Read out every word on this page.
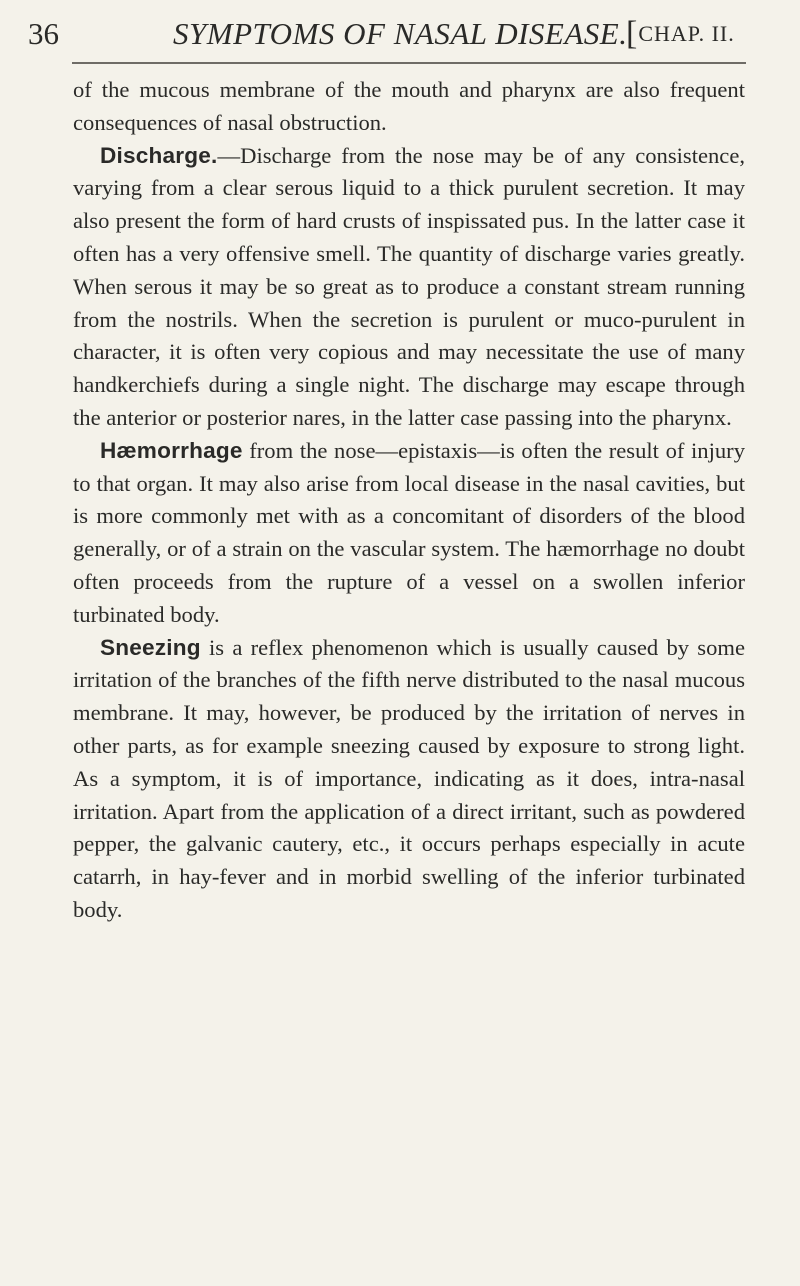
36	SYMPTOMS OF NASAL DISEASE.
[CHAP. II.

of the mucous membrane of the mouth and pharynx are also frequent consequences of nasal obstruction.

Discharge.—Discharge from the nose may be of any consistence, varying from a clear serous liquid to a thick purulent secretion. It may also present the form of hard crusts of inspissated pus. In the latter case it often has a very offensive smell. The quantity of discharge varies greatly. When serous it may be so great as to produce a constant stream running from the nostrils. When the secretion is purulent or muco-purulent in character, it is often very copious and may necessitate the use of many handkerchiefs during a single night. The discharge may escape through the anterior or posterior nares, in the latter case passing into the pharynx.

Hæmorrhage from the nose—epistaxis—is often the result of injury to that organ. It may also arise from local disease in the nasal cavities, but is more commonly met with as a concomitant of disorders of the blood generally, or of a strain on the vascular system. The hæmorrhage no doubt often proceeds from the rupture of a vessel on a swollen inferior turbinated body.

Sneezing is a reflex phenomenon which is usually caused by some irritation of the branches of the fifth nerve distributed to the nasal mucous membrane. It may, however, be produced by the irritation of nerves in other parts, as for example sneezing caused by exposure to strong light. As a symptom, it is of importance, indicating as it does, intra-nasal irritation. Apart from the application of a direct irritant, such as powdered pepper, the galvanic cautery, etc., it occurs perhaps especially in acute catarrh, in hay-fever and in morbid swelling of the inferior turbinated body.
